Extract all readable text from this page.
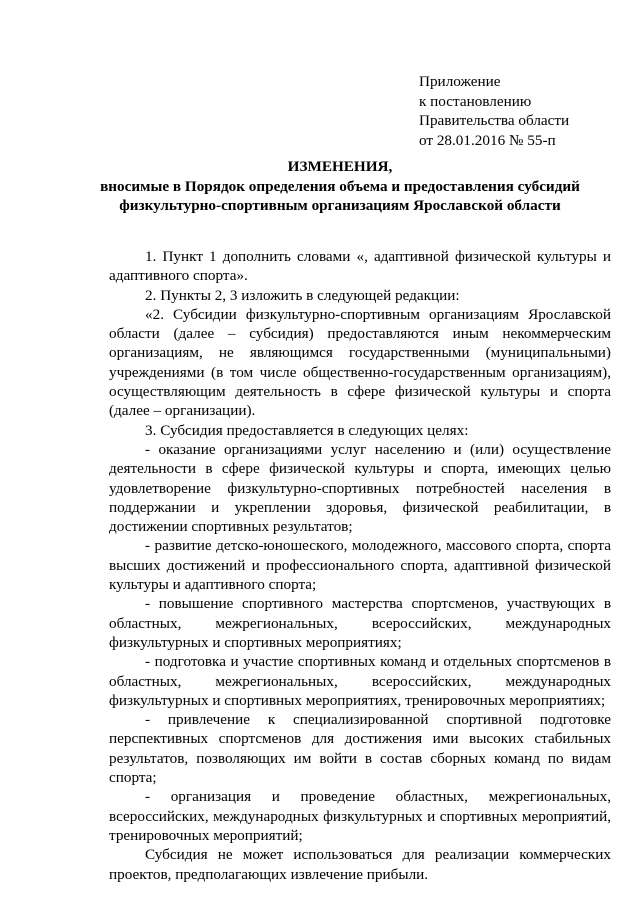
Приложение
к постановлению
Правительства области
от 28.01.2016 № 55-п
ИЗМЕНЕНИЯ,
вносимые в Порядок определения объема и предоставления субсидий
физкультурно-спортивным организациям Ярославской области

1. Пункт 1 дополнить словами «, адаптивной физической культуры и адаптивного спорта».

2. Пункты 2, 3 изложить в следующей редакции:

«2. Субсидии физкультурно-спортивным организациям Ярославской области (далее – субсидия) предоставляются иным некоммерческим организациям, не являющимся государственными (муниципальными) учреждениями (в том числе общественно-государственным организациям), осуществляющим деятельность в сфере физической культуры и спорта (далее – организации).

3. Субсидия предоставляется в следующих целях:

- оказание организациями услуг населению и (или) осуществление деятельности в сфере физической культуры и спорта, имеющих целью удовлетворение физкультурно-спортивных потребностей населения в поддержании и укреплении здоровья, физической реабилитации, в достижении спортивных результатов;

- развитие детско-юношеского, молодежного, массового спорта, спорта высших достижений и профессионального спорта, адаптивной физической культуры и адаптивного спорта;

- повышение спортивного мастерства спортсменов, участвующих в областных, межрегиональных, всероссийских, международных физкультурных и спортивных мероприятиях;

- подготовка и участие спортивных команд и отдельных спортсменов в областных, межрегиональных, всероссийских, международных физкультурных и спортивных мероприятиях, тренировочных мероприятиях;

- привлечение к специализированной спортивной подготовке перспективных спортсменов для достижения ими высоких стабильных результатов, позволяющих им войти в состав сборных команд по видам спорта;

- организация и проведение областных, межрегиональных, всероссийских, международных физкультурных и спортивных мероприятий, тренировочных мероприятий;

Субсидия не может использоваться для реализации коммерческих проектов, предполагающих извлечение прибыли.
